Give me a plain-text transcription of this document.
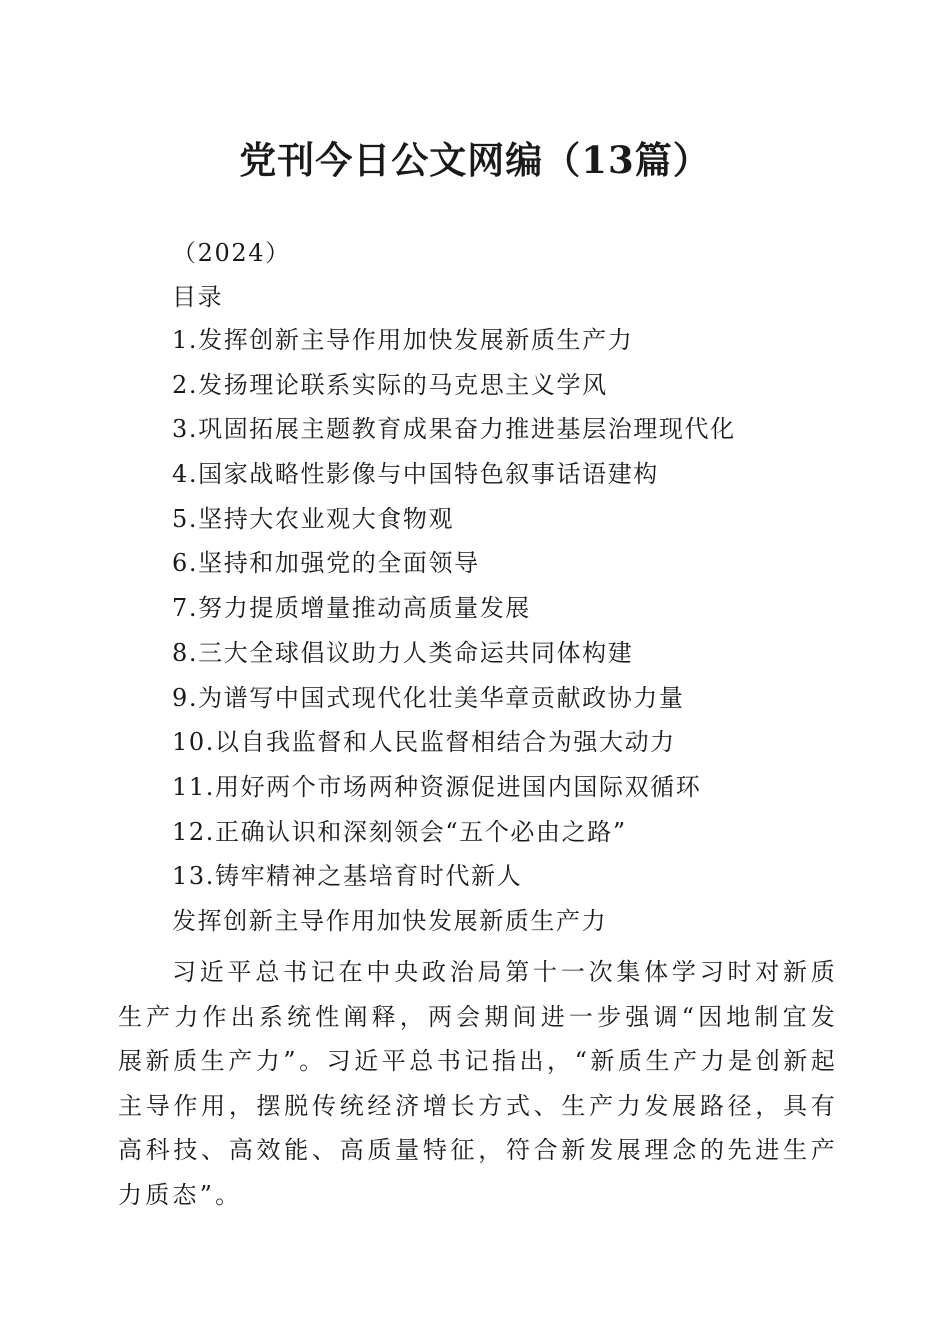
党刊今日公文网编（13篇）
（2024）
目录
1.发挥创新主导作用加快发展新质生产力
2.发扬理论联系实际的马克思主义学风
3.巩固拓展主题教育成果奋力推进基层治理现代化
4.国家战略性影像与中国特色叙事话语建构
5.坚持大农业观大食物观
6.坚持和加强党的全面领导
7.努力提质增量推动高质量发展
8.三大全球倡议助力人类命运共同体构建
9.为谱写中国式现代化壮美华章贡献政协力量
10.以自我监督和人民监督相结合为强大动力
11.用好两个市场两种资源促进国内国际双循环
12.正确认识和深刻领会“五个必由之路”
13.铸牢精神之基培育时代新人
发挥创新主导作用加快发展新质生产力

习近平总书记在中央政治局第十一次集体学习时对新质生产力作出系统性阐释，两会期间进一步强调“因地制宜发展新质生产力”。习近平总书记指出，“新质生产力是创新起主导作用，摆脱传统经济增长方式、生产力发展路径，具有高科技、高效能、高质量特征，符合新发展理念的先进生产力质态”。
